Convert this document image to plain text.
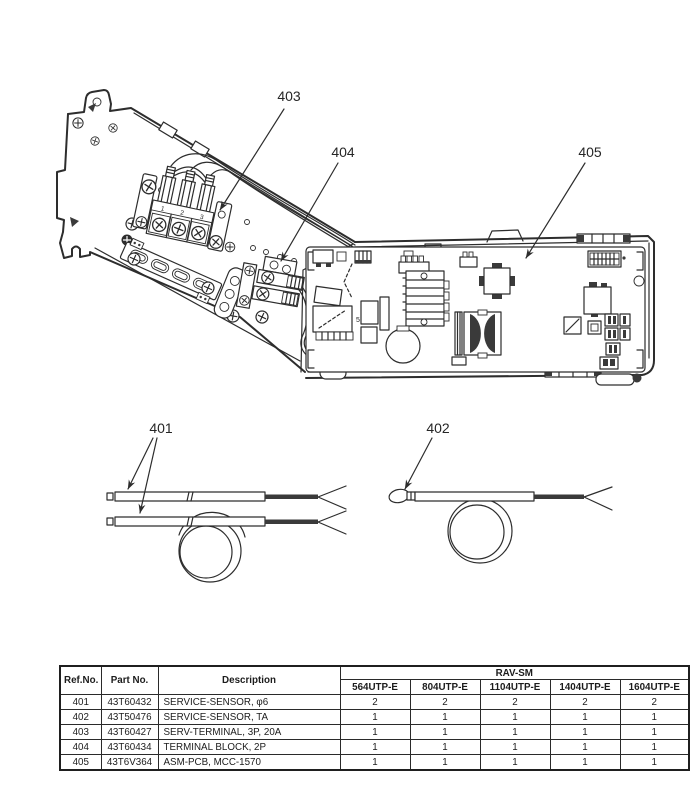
1
2
3
5
403
404	405
401	402
Ref.No.	Part No.	Description	RAV-SM				
			564UTP-E	804UTP-E	1104UTP-E	1404UTP-E	1604UTP-E
401	43T60432	SERVICE-SENSOR, φ6	2	2	2	2	2
402	43T50476	SERVICE-SENSOR, TA	1	1	1	1	1
403	43T60427	SERV-TERMINAL, 3P, 20A	1	1	1	1	1
404	43T60434	TERMINAL BLOCK, 2P	1	1	1	1	1
405	43T6V364	ASM-PCB, MCC-1570	1	1	1	1	1
